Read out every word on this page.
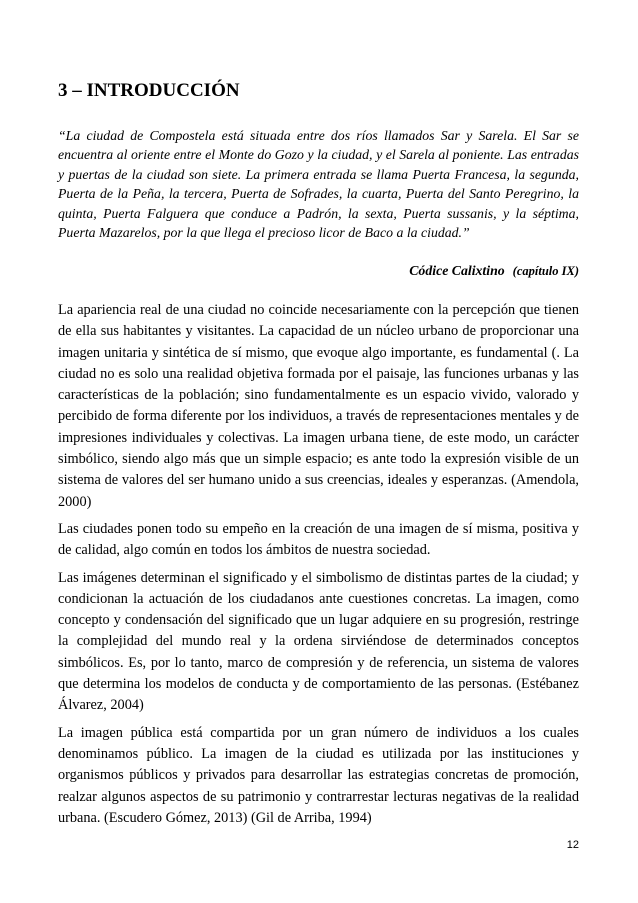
3 – INTRODUCCIÓN

“La ciudad de Compostela está situada entre dos ríos llamados Sar y Sarela. El Sar se encuentra al oriente entre el Monte do Gozo y la ciudad, y el Sarela al poniente. Las entradas y puertas de la ciudad son siete. La primera entrada se llama Puerta Francesa, la segunda, Puerta de la Peña, la tercera, Puerta de Sofrades, la cuarta, Puerta del Santo Peregrino, la quinta, Puerta Falguera que conduce a Padrón, la sexta, Puerta sussanis, y la séptima, Puerta Mazarelos, por la que llega el precioso licor de Baco a la ciudad.”

Códice Calixtino (capítulo IX)

La apariencia real de una ciudad no coincide necesariamente con la percepción que tienen de ella sus habitantes y visitantes. La capacidad de un núcleo urbano de proporcionar una imagen unitaria y sintética de sí mismo, que evoque algo importante, es fundamental (. La ciudad no es solo una realidad objetiva formada por el paisaje, las funciones urbanas y las características de la población; sino fundamentalmente es un espacio vivido, valorado y percibido de forma diferente por los individuos, a través de representaciones mentales y de impresiones individuales y colectivas. La imagen urbana tiene, de este modo, un carácter simbólico, siendo algo más que un simple espacio; es ante todo la expresión visible de un sistema de valores del ser humano unido a sus creencias, ideales y esperanzas. (Amendola, 2000)

Las ciudades ponen todo su empeño en la creación de una imagen de sí misma, positiva y de calidad, algo común en todos los ámbitos de nuestra sociedad.

Las imágenes determinan el significado y el simbolismo de distintas partes de la ciudad; y condicionan la actuación de los ciudadanos ante cuestiones concretas. La imagen, como concepto y condensación del significado que un lugar adquiere en su progresión, restringe la complejidad del mundo real y la ordena sirviéndose de determinados conceptos simbólicos. Es, por lo tanto, marco de compresión y de referencia, un sistema de valores que determina los modelos de conducta y de comportamiento de las personas. (Estébanez Álvarez, 2004)

La imagen pública está compartida por un gran número de individuos a los cuales denominamos público. La imagen de la ciudad es utilizada por las instituciones y organismos públicos y privados para desarrollar las estrategias concretas de promoción, realzar algunos aspectos de su patrimonio y contrarrestar lecturas negativas de la realidad urbana. (Escudero Gómez, 2013) (Gil de Arriba, 1994)

12
